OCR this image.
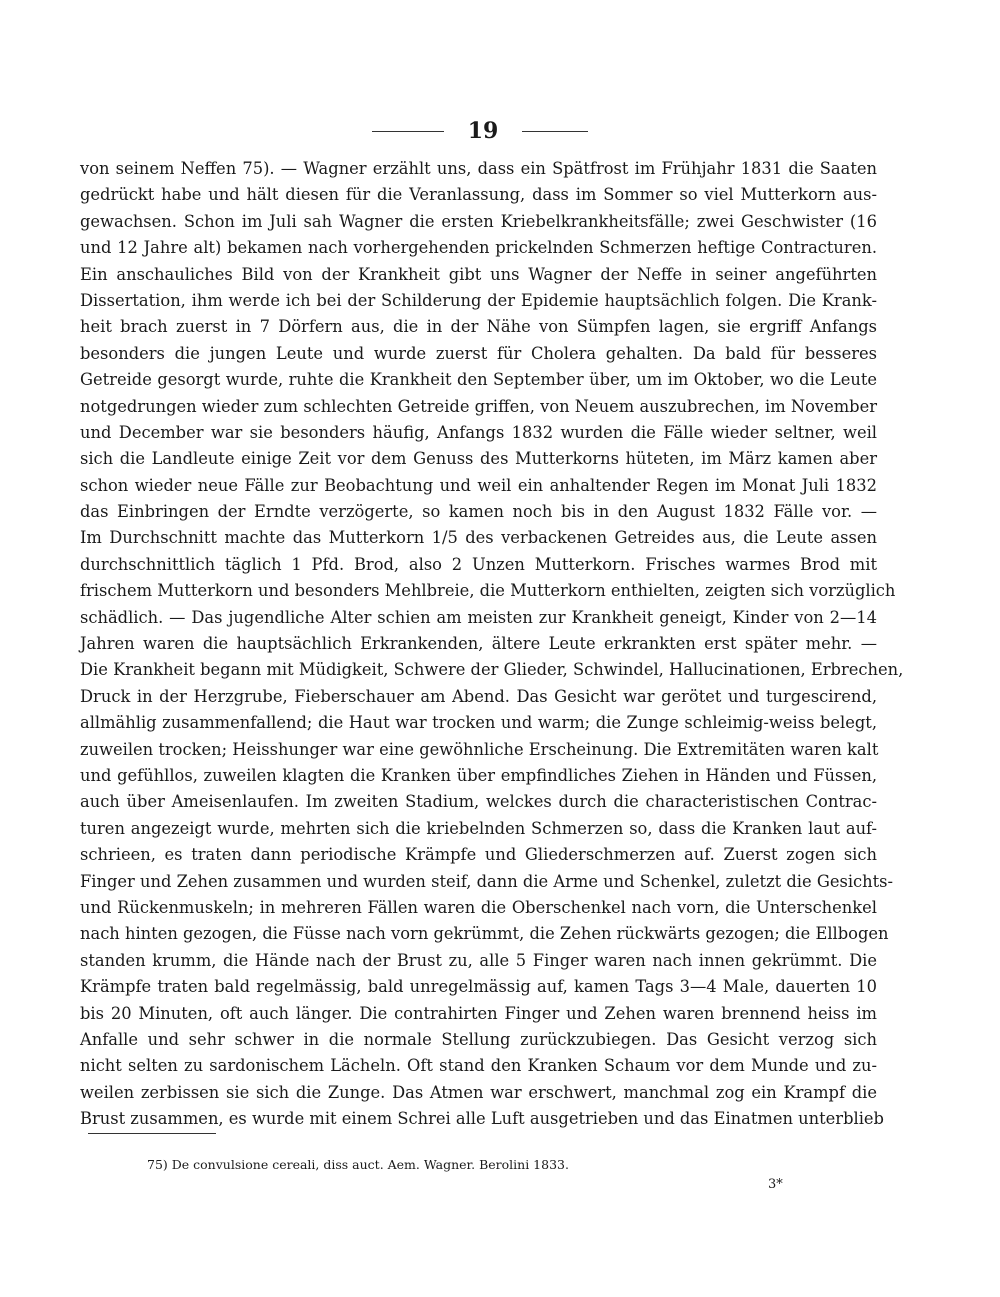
19
von seinem Neffen 75). — Wagner erzählt uns, dass ein Spätfrost im Frühjahr 1831 die Saaten
gedrückt habe und hält diesen für die Veranlassung, dass im Sommer so viel Mutterkorn aus-
gewachsen. Schon im Juli sah Wagner die ersten Kriebelkrankheitsfälle; zwei Geschwister (16
und 12 Jahre alt) bekamen nach vorhergehenden prickelnden Schmerzen heftige Contracturen.
Ein anschauliches Bild von der Krankheit gibt uns Wagner der Neffe in seiner angeführten
Dissertation, ihm werde ich bei der Schilderung der Epidemie hauptsächlich folgen. Die Krank-
heit brach zuerst in 7 Dörfern aus, die in der Nähe von Sümpfen lagen, sie ergriff Anfangs
besonders die jungen Leute und wurde zuerst für Cholera gehalten. Da bald für besseres
Getreide gesorgt wurde, ruhte die Krankheit den September über, um im Oktober, wo die Leute
notgedrungen wieder zum schlechten Getreide griffen, von Neuem auszubrechen, im November
und December war sie besonders häufig, Anfangs 1832 wurden die Fälle wieder seltner, weil
sich die Landleute einige Zeit vor dem Genuss des Mutterkorns hüteten, im März kamen aber
schon wieder neue Fälle zur Beobachtung und weil ein anhaltender Regen im Monat Juli 1832
das Einbringen der Erndte verzögerte, so kamen noch bis in den August 1832 Fälle vor. —
Im Durchschnitt machte das Mutterkorn 1/5 des verbackenen Getreides aus, die Leute assen
durchschnittlich täglich 1 Pfd. Brod, also 2 Unzen Mutterkorn. Frisches warmes Brod mit
frischem Mutterkorn und besonders Mehlbreie, die Mutterkorn enthielten, zeigten sich vorzüglich
schädlich. — Das jugendliche Alter schien am meisten zur Krankheit geneigt, Kinder von 2—14
Jahren waren die hauptsächlich Erkrankenden, ältere Leute erkrankten erst später mehr. —
Die Krankheit begann mit Müdigkeit, Schwere der Glieder, Schwindel, Hallucinationen, Erbrechen,
Druck in der Herzgrube, Fieberschauer am Abend. Das Gesicht war gerötet und turgescirend,
allmählig zusammenfallend; die Haut war trocken und warm; die Zunge schleimig-weiss belegt,
zuweilen trocken; Heisshunger war eine gewöhnliche Erscheinung. Die Extremitäten waren kalt
und gefühllos, zuweilen klagten die Kranken über empfindliches Ziehen in Händen und Füssen,
auch über Ameisenlaufen. Im zweiten Stadium, welckes durch die characteristischen Contrac-
turen angezeigt wurde, mehrten sich die kriebelnden Schmerzen so, dass die Kranken laut auf-
schrieen, es traten dann periodische Krämpfe und Gliederschmerzen auf. Zuerst zogen sich
Finger und Zehen zusammen und wurden steif, dann die Arme und Schenkel, zuletzt die Gesichts-
und Rückenmuskeln; in mehreren Fällen waren die Oberschenkel nach vorn, die Unterschenkel
nach hinten gezogen, die Füsse nach vorn gekrümmt, die Zehen rückwärts gezogen; die Ellbogen
standen krumm, die Hände nach der Brust zu, alle 5 Finger waren nach innen gekrümmt. Die
Krämpfe traten bald regelmässig, bald unregelmässig auf, kamen Tags 3—4 Male, dauerten 10
bis 20 Minuten, oft auch länger. Die contrahirten Finger und Zehen waren brennend heiss im
Anfalle und sehr schwer in die normale Stellung zurückzubiegen. Das Gesicht verzog sich
nicht selten zu sardonischem Lächeln. Oft stand den Kranken Schaum vor dem Munde und zu-
weilen zerbissen sie sich die Zunge. Das Atmen war erschwert, manchmal zog ein Krampf die
Brust zusammen, es wurde mit einem Schrei alle Luft ausgetrieben und das Einatmen unterblieb
75) De convulsione cereali, diss auct. Aem. Wagner. Berolini 1833.
3*
